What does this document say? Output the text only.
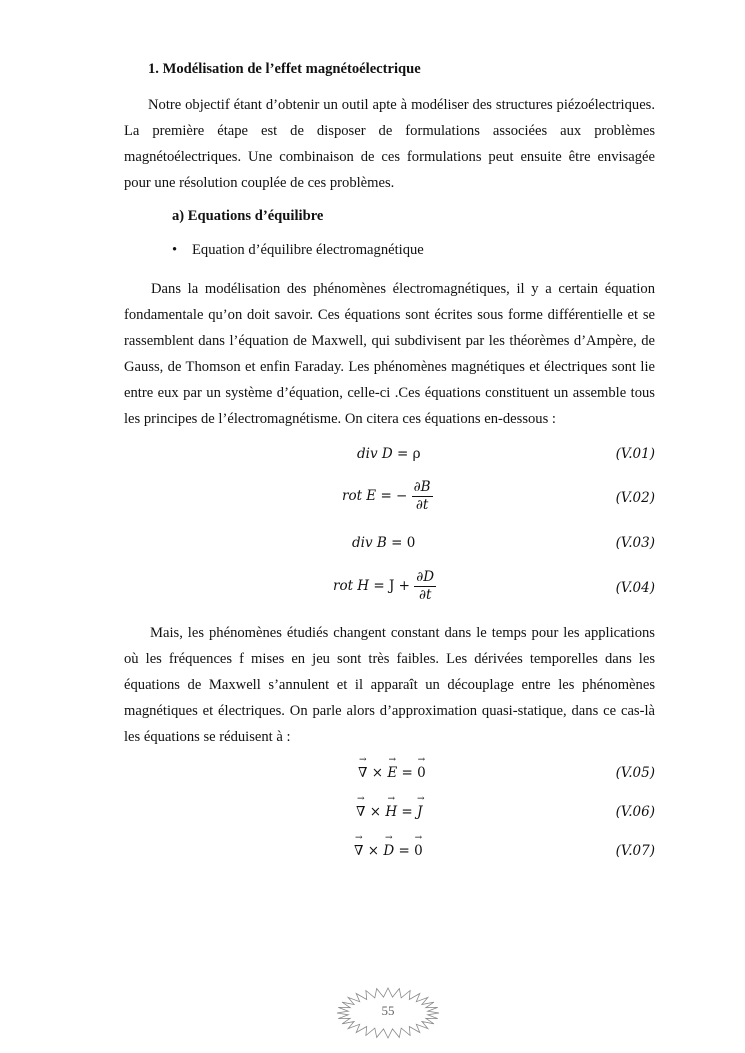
1. Modélisation de l’effet magnétoélectrique
Notre objectif étant d’obtenir un outil apte à modéliser des structures piézoélectriques. La première étape est de disposer de formulations associées aux problèmes magnétoélectriques. Une combinaison de ces formulations peut ensuite être envisagée pour une résolution couplée de ces problèmes.
a) Equations d’équilibre
• Equation d’équilibre électromagnétique
Dans la modélisation des phénomènes électromagnétiques, il y a certain équation fondamentale qu’on doit savoir. Ces équations sont écrites sous forme différentielle et se rassemblent dans l’équation de Maxwell, qui subdivisent par les théorèmes d’Ampère, de Gauss, de Thomson et enfin Faraday. Les phénomènes magnétiques et électriques sont lie entre eux par un système d’équation, celle-ci .Ces équations constituent un assemble tous les principes de l’électromagnétisme. On citera ces équations en-dessous :
div D = ρ	(V.01)
rot E = − $\frac{\partial B}{\partial t}$	(V.02)
div B = 0	(V.03)
rot $H = J + \frac{\partial D}{\partial t}$	(V.04)
Mais, les phénomènes étudiés changent constant dans le temps pour les applications où les fréquences f mises en jeu sont très faibles. Les dérivées temporelles dans les équations de Maxwell s’annulent et il apparaît un découplage entre les phénomènes magnétiques et électriques. On parle alors d’approximation quasi-statique, dans ce cas-là les équations se réduisent à :
∇
→
× E
→
= 0
→
(V.05)
∇
→
× H
→
= J
→
(V.06)
∇
→
× D
→
= 0
→
(V.07)
55
